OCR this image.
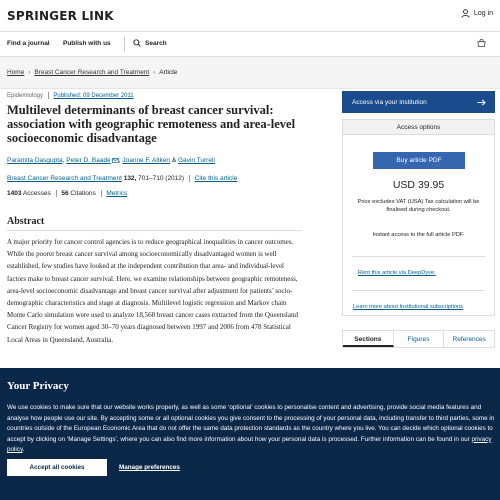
SPRINGER LINK	Log in
Find a journal Publish with us	Search
Home › Breast Cancer Research and Treatment › Article
Epidemiology Published: 09 December 2011
Multilevel determinants of breast cancer survival: association with geographic remoteness and area-level socioeconomic disadvantage
Paramita Dasgupta, Peter D. Baade , Joanne F. Aitken & Gavin Turrell
Breast Cancer Research and Treatment 132, 701–710 (2012) Cite this article
1403 Accesses 56 Citations Metrics
Abstract

A major priority for cancer control agencies is to reduce geographical inequalities in cancer outcomes. While the poorer breast cancer survival among socioeconomically disadvantaged women is well established, few studies have looked at the independent contribution that area- and individual-level factors make to breast cancer survival. Here, we examine relationships between geographic remoteness, area-level socioeconomic disadvantage and breast cancer survival after adjustment for patients’ socio-demographic characteristics and stage at diagnosis. Multilevel logistic regression and Markov chain Monte Carlo simulation were used to analyze 18,568 breast cancer cases extracted from the Queensland Cancer Registry for women aged 30–70 years diagnosed between 1997 and 2006 from 478 Statistical Local Areas in Queensland, Australia.

Access via your institution
Access options
Buy article PDF
USD 39.95
Price excludes VAT (USA) Tax calculation will be finalised during checkout.
Instant access to the full article PDF.
Rent this article via DeepDyve.
Learn more about Institutional subscriptions
Sections	Figures	References
Your Privacy

We use cookies to make sure that our website works properly, as well as some ‘optional’ cookies to personalise content and advertising, provide social media features and analyse how people use our site. By accepting some or all optional cookies you give consent to the processing of your personal data, including transfer to third parties, some in countries outside of the European Economic Area that do not offer the same data protection standards as the country where you live. You can decide which optional cookies to accept by clicking on ‘Manage Settings’, where you can also find more information about how your personal data is processed. Further information can be found in our privacy policy.

Accept all cookies	Manage preferences
